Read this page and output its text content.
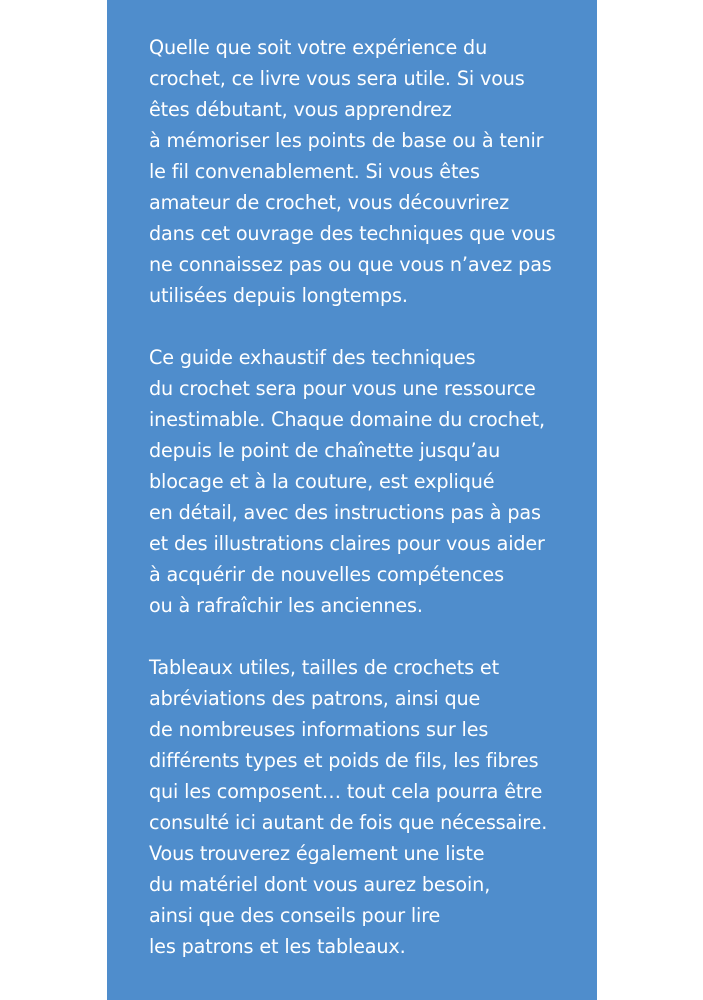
Quelle que soit votre expérience du
crochet, ce livre vous sera utile. Si vous
êtes débutant, vous apprendrez
à mémoriser les points de base ou à tenir
le fil convenablement. Si vous êtes
amateur de crochet, vous découvrirez
dans cet ouvrage des techniques que vous
ne connaissez pas ou que vous n’avez pas
utilisées depuis longtemps.

Ce guide exhaustif des techniques
du crochet sera pour vous une ressource
inestimable. Chaque domaine du crochet,
depuis le point de chaînette jusqu’au
blocage et à la couture, est expliqué
en détail, avec des instructions pas à pas
et des illustrations claires pour vous aider
à acquérir de nouvelles compétences
ou à rafraîchir les anciennes.

Tableaux utiles, tailles de crochets et
abréviations des patrons, ainsi que
de nombreuses informations sur les
différents types et poids de fils, les fibres
qui les composent… tout cela pourra être
consulté ici autant de fois que nécessaire.
Vous trouverez également une liste
du matériel dont vous aurez besoin,
ainsi que des conseils pour lire
les patrons et les tableaux.
